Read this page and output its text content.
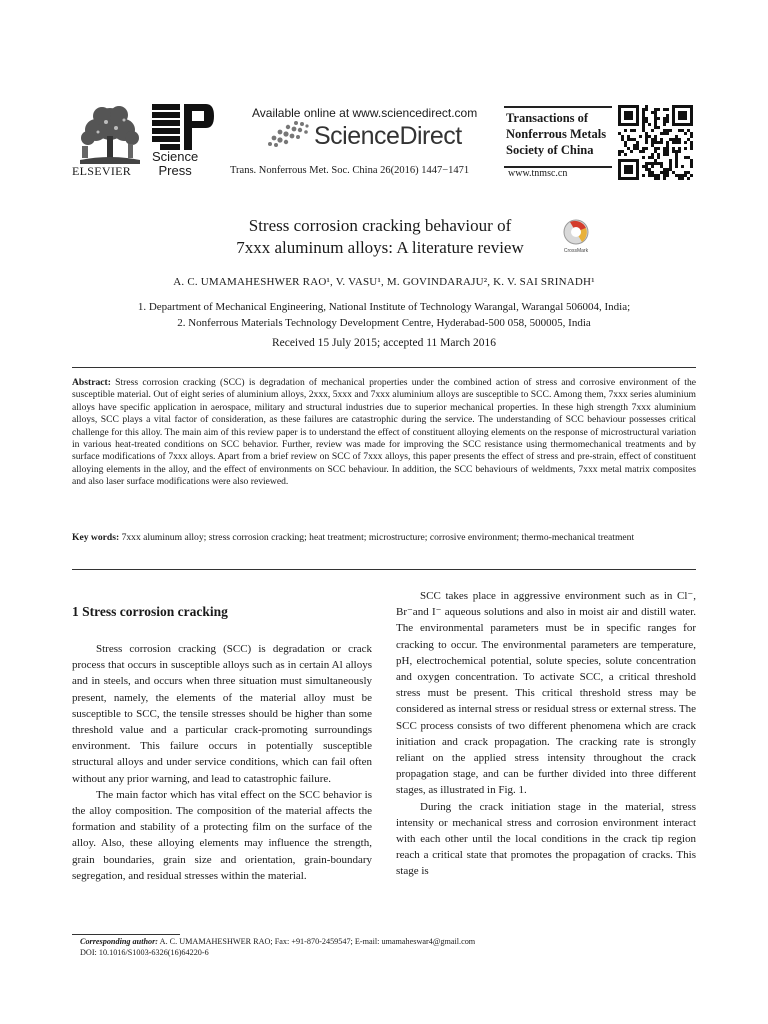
ELSEVIER
Science
Press
Available online at www.sciencedirect.com
ScienceDirect
Trans. Nonferrous Met. Soc. China 26(2016) 1447−1471
Transactions of
Nonferrous Metals
Society of China
www.tnmsc.cn
Stress corrosion cracking behaviour of
7xxx aluminum alloys: A literature review	CrossMark
A. C. UMAMAHESHWER RAO¹, V. VASU¹, M. GOVINDARAJU², K. V. SAI SRINADH¹
1. Department of Mechanical Engineering, National Institute of Technology Warangal, Warangal 506004, India;
2. Nonferrous Materials Technology Development Centre, Hyderabad-500 058, 500005, India
Received 15 July 2015; accepted 11 March 2016
Abstract: Stress corrosion cracking (SCC) is degradation of mechanical properties under the combined action of stress and corrosive environment of the susceptible material. Out of eight series of aluminium alloys, 2xxx, 5xxx and 7xxx aluminium alloys are susceptible to SCC. Among them, 7xxx series aluminium alloys have specific application in aerospace, military and structural industries due to superior mechanical properties. In these high strength 7xxx aluminium alloys, SCC plays a vital factor of consideration, as these failures are catastrophic during the service. The understanding of SCC behaviour possesses critical challenge for this alloy. The main aim of this review paper is to understand the effect of constituent alloying elements on the response of microstructural variation in various heat-treated conditions on SCC behavior. Further, review was made for improving the SCC resistance using thermomechanical treatments and by surface modifications of 7xxx alloys. Apart from a brief review on SCC of 7xxx alloys, this paper presents the effect of stress and pre-strain, effect of constituent alloying elements in the alloy, and the effect of environments on SCC behaviour. In addition, the SCC behaviours of weldments, 7xxx metal matrix composites and also laser surface modifications were also reviewed.
Key words: 7xxx aluminum alloy; stress corrosion cracking; heat treatment; microstructure; corrosive environment; thermo-mechanical treatment
1 Stress corrosion cracking

Stress corrosion cracking (SCC) is degradation or crack process that occurs in susceptible alloys such as in certain Al alloys and in steels, and occurs when three situation must simultaneously present, namely, the elements of the material alloy must be susceptible to SCC, the tensile stresses should be higher than some threshold value and a particular crack-promoting surroundings environment. This failure occurs in potentially susceptible structural alloys and under service conditions, which can fail often without any prior warning, and lead to catastrophic failure.

The main factor which has vital effect on the SCC behavior is the alloy composition. The composition of the material affects the formation and stability of a protecting film on the surface of the alloy. Also, these alloying elements may influence the strength, grain boundaries, grain size and orientation, grain-boundary segregation, and residual stresses within the material.

SCC takes place in aggressive environment such as in Cl⁻, Br⁻and I⁻ aqueous solutions and also in moist air and distill water. The environmental parameters must be in specific ranges for cracking to occur. The environmental parameters are temperature, pH, electrochemical potential, solute species, solute concentration and oxygen concentration. To activate SCC, a critical threshold stress must be present. This critical threshold stress may be considered as internal stress or residual stress or external stress. The SCC process consists of two different phenomena which are crack initiation and crack propagation. The cracking rate is strongly reliant on the applied stress intensity throughout the crack propagation stage, and can be further divided into three different stages, as illustrated in Fig. 1.

During the crack initiation stage in the material, stress intensity or mechanical stress and corrosion environment interact with each other until the local conditions in the crack tip region reach a critical state that promotes the propagation of cracks. This stage is

Corresponding author: A. C. UMAMAHESHWER RAO; Fax: +91-870-2459547; E-mail: umamaheswar4@gmail.com
DOI: 10.1016/S1003-6326(16)64220-6
